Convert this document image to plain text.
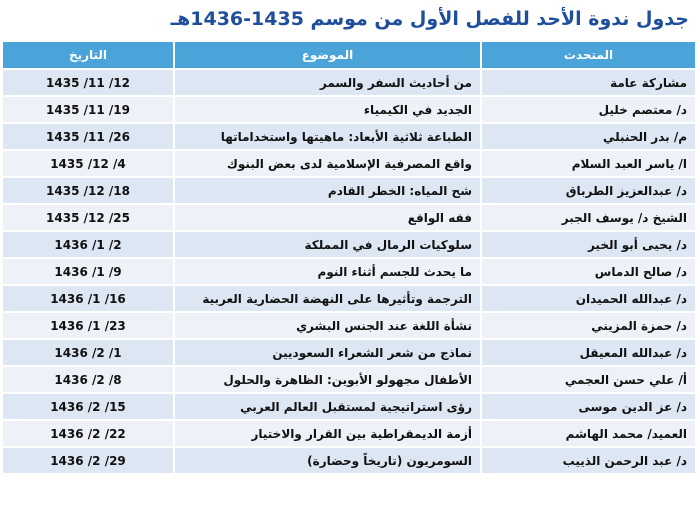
جدول ندوة الأحد للفصل الأول من موسم 1435-1436هـ
المتحدث	الموضوع	التاريخ
مشاركة عامة	من أحاديث السفر والسمر	1435 /11 /12
د/ معتصم خليل	الجديد في الكيمياء	1435 /11 /19
م/ بدر الحنبلي	الطباعة ثلاثية الأبعاد: ماهيتها واستخداماتها	1435 /11 /26
ا/ ياسر العبد السلام	واقع المصرفية الإسلامية لدى بعض البنوك	1435 /12 /4
د/ عبدالعزيز الطرباق	شح المياه: الخطر القادم	1435 /12 /18
الشيخ د/ يوسف الجبر	فقه الواقع	1435 /12 /25
د/ يحيى أبو الخير	سلوكيات الرمال في المملكة	1436 /1 /2
د/ صالح الدماس	ما يحدث للجسم أثناء النوم	1436 /1 /9
د/ عبدالله الحميدان	الترجمة وتأثيرها على النهضة الحضارية العربية	1436 /1 /16
د/ حمزة المزيني	نشأة اللغة عند الجنس البشري	1436 /1 /23
د/ عبدالله المعيقل	نماذج من شعر الشعراء السعوديين	1436 /2 /1
أ/ علي حسن العجمي	الأطفال مجهولو الأبوين: الظاهرة والحلول	1436 /2 /8
د/ عز الدين موسى	رؤى استراتيجية لمستقبل العالم العربي	1436 /2 /15
العميد/ محمد الهاشم	أزمة الديمقراطية بين القرار والاختيار	1436 /2 /22
د/ عبد الرحمن الذييب	السومريون (تاريخاً وحضارة)	1436 /2 /29
